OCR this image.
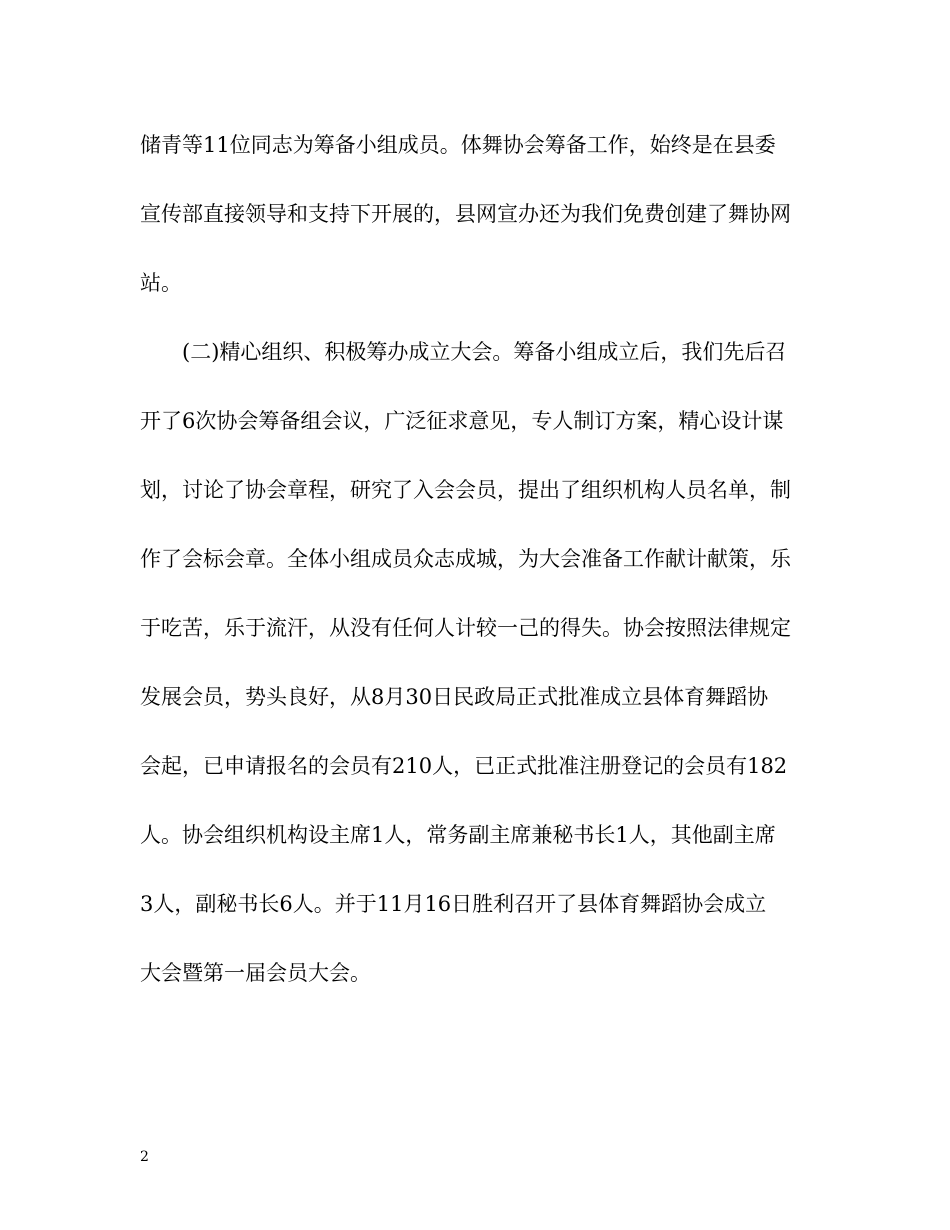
储青等11位同志为筹备小组成员。体舞协会筹备工作，始终是在县委
宣传部直接领导和支持下开展的，县网宣办还为我们免费创建了舞协网
站。
(二)精心组织、积极筹办成立大会。筹备小组成立后，我们先后召
开了6次协会筹备组会议，广泛征求意见，专人制订方案，精心设计谋
划，讨论了协会章程，研究了入会会员，提出了组织机构人员名单，制
作了会标会章。全体小组成员众志成城，为大会准备工作献计献策，乐
于吃苦，乐于流汗，从没有任何人计较一己的得失。协会按照法律规定
发展会员，势头良好，从8月30日民政局正式批准成立县体育舞蹈协
会起，已申请报名的会员有210人，已正式批准注册登记的会员有182
人。协会组织机构设主席1人，常务副主席兼秘书长1人，其他副主席
3人，副秘书长6人。并于11月16日胜利召开了县体育舞蹈协会成立
大会暨第一届会员大会。
2
